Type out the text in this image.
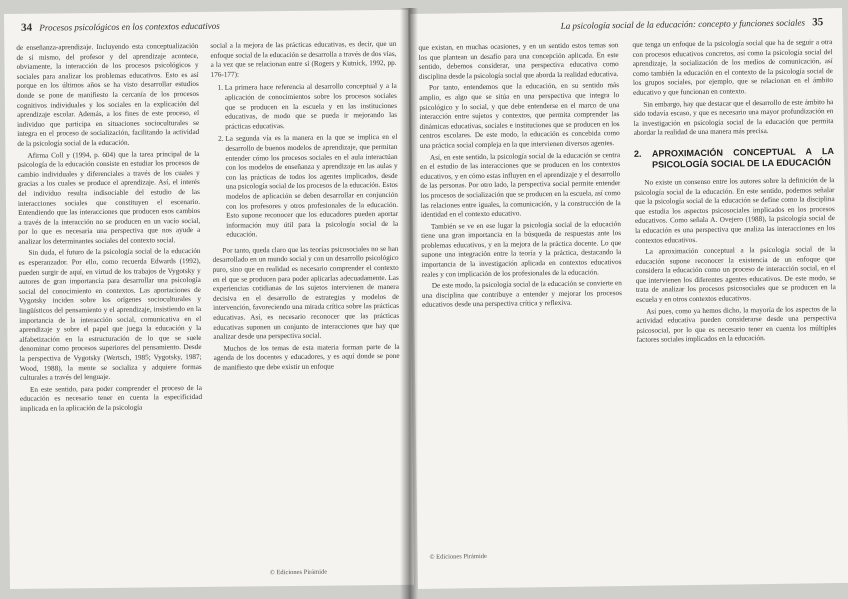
34 Procesos psicológicos en los contextos educativos

de enseñanza-aprendizaje. Incluyendo esta conceptualización de sí mismo, del profesor y del aprendizaje acontece, obviamente, la interacción de los procesos psicológicos y sociales para analizar los problemas educativos. Esto es así porque en los últimos años se ha visto desarrollar estudios donde se pone de manifiesto la cercanía de los procesos cognitivos individuales y los sociales en la explicación del aprendizaje escolar. Además, a los fines de este proceso, el individuo que participa en situaciones socioculturales se integra en el proceso de socialización, facilitando la actividad de la psicología social de la educación.

Afirma Coll y (1994, p. 604) que la tarea principal de la psicología de la educación consiste en estudiar los procesos de cambio individuales y diferenciales a través de los cuales y gracias a los cuales se produce el aprendizaje. Así, el interés del individuo resulta indisociable del estudio de las interacciones sociales que constituyen el escenario. Entendiendo que las interacciones que producen esos cambios a través de la interacción no se producen en un vacío social, por lo que es necesaria una perspectiva que nos ayude a analizar los determinantes sociales del contexto social.

Sin duda, el futuro de la psicología social de la educación es esperanzador. Por ello, como recuerda Edwards (1992), pueden surgir de aquí, en virtud de los trabajos de Vygotsky y autores de gran importancia para desarrollar una psicología social del conocimiento en contextos. Las aportaciones de Vygotsky inciden sobre los orígenes socioculturales y lingüísticos del pensamiento y el aprendizaje, insistiendo en la importancia de la interacción social, comunicativa en el aprendizaje y sobre el papel que juega la educación y la alfabetización en la estructuración de lo que se suele denominar como procesos superiores del pensamiento. Desde la perspectiva de Vygotsky (Wertsch, 1985; Vygotsky, 1987; Wood, 1988), la mente se socializa y adquiere formas culturales a través del lenguaje.

En este sentido, para poder comprender el proceso de la educación es necesario tener en cuenta la especificidad implicada en la aplicación de la psicología

social a la mejora de las prácticas educativas, es decir, que un enfoque social de la educación se desarrolla a través de dos vías, a la vez que se relacionan entre sí (Rogers y Kutnick, 1992, pp. 176-177):

1. La primera hace referencia al desarrollo conceptual y a la aplicación de conocimientos sobre los procesos sociales que se producen en la escuela y en las instituciones educativas, de modo que se pueda ir mejorando las prácticas educativas.
2. La segunda vía es la manera en la que se implica en el desarrollo de buenos modelos de aprendizaje, que permitan entender cómo los procesos sociales en el aula interactúan con los modelos de enseñanza y aprendizaje en las aulas y con las prácticas de todos los agentes implicados, desde una psicología social de los procesos de la educación. Estos modelos de aplicación se deben desarrollar en conjunción con los profesores y otros profesionales de la educación. Esto supone reconocer que los educadores pueden aportar información muy útil para la psicología social de la educación.

Por tanto, queda claro que las teorías psicosociales no se han desarrollado en un mundo social y con un desarrollo psicológico puro, sino que en realidad es necesario comprender el contexto en el que se producen para poder aplicarlas adecuadamente. Las experiencias cotidianas de los sujetos intervienen de manera decisiva en el desarrollo de estrategias y modelos de intervención, favoreciendo una mirada crítica sobre las prácticas educativas. Así, es necesario reconocer que las prácticas educativas suponen un conjunto de interacciones que hay que analizar desde una perspectiva social.

Muchos de los temas de esta materia forman parte de la agenda de los docentes y educadores, y es aquí donde se pone de manifiesto que debe existir un enfoque

© Ediciones Pirámide
La psicología social de la educación: concepto y funciones sociales 35

que existan, en muchas ocasiones, y en un sentido estos temas son los que plantean un desafío para una concepción aplicada. En este sentido, debemos considerar, una perspectiva educativa como disciplina desde la psicología social que aborda la realidad educativa.

Por tanto, entendemos que la educación, en su sentido más amplio, es algo que se sitúa en una perspectiva que integra lo psicológico y lo social, y que debe entenderse en el marco de una interacción entre sujetos y contextos, que permita comprender las dinámicas educativas, sociales e instituciones que se producen en los centros escolares. De este modo, la educación es concebida como una práctica social compleja en la que intervienen diversos agentes.

Así, en este sentido, la psicología social de la educación se centra en el estudio de las interacciones que se producen en los contextos educativos, y en cómo estas influyen en el aprendizaje y el desarrollo de las personas. Por otro lado, la perspectiva social permite entender los procesos de socialización que se producen en la escuela, así como las relaciones entre iguales, la comunicación, y la construcción de la identidad en el contexto educativo.

También se ve en ese lugar la psicología social de la educación tiene una gran importancia en la búsqueda de respuestas ante los problemas educativos, y en la mejora de la práctica docente. Lo que supone una integración entre la teoría y la práctica, destacando la importancia de la investigación aplicada en contextos educativos reales y con implicación de los profesionales de la educación.

De este modo, la psicología social de la educación se convierte en una disciplina que contribuye a entender y mejorar los procesos educativos desde una perspectiva crítica y reflexiva.

que tenga un enfoque de la psicología social que ha de seguir a otra con procesos educativos concretos, así como la psicología social del aprendizaje, la socialización de los medios de comunicación, así como también la educación en el contexto de la psicología social de los grupos sociales, por ejemplo, que se relacionan en el ámbito educativo y que funcionan en contexto.

Sin embargo, hay que destacar que el desarrollo de este ámbito ha sido todavía escaso, y que es necesario una mayor profundización en la investigación en psicología social de la educación que permita abordar la realidad de una manera más precisa.

2.	APROXIMACIÓN CONCEPTUAL A LA PSICOLOGÍA SOCIAL DE LA EDUCACIÓN

No existe un consenso entre los autores sobre la definición de la psicología social de la educación. En este sentido, podemos señalar que la psicología social de la educación se define como la disciplina que estudia los aspectos psicosociales implicados en los procesos educativos. Como señala A. Ovejero (1988), la psicología social de la educación es una perspectiva que analiza las interacciones en los contextos educativos.

La aproximación conceptual a la psicología social de la educación supone reconocer la existencia de un enfoque que considera la educación como un proceso de interacción social, en el que intervienen los diferentes agentes educativos. De este modo, se trata de analizar los procesos psicosociales que se producen en la escuela y en otros contextos educativos.

Así pues, como ya hemos dicho, la mayoría de los aspectos de la actividad educativa pueden considerarse desde una perspectiva psicosocial, por lo que es necesario tener en cuenta los múltiples factores sociales implicados en la educación.

© Ediciones Pirámide
